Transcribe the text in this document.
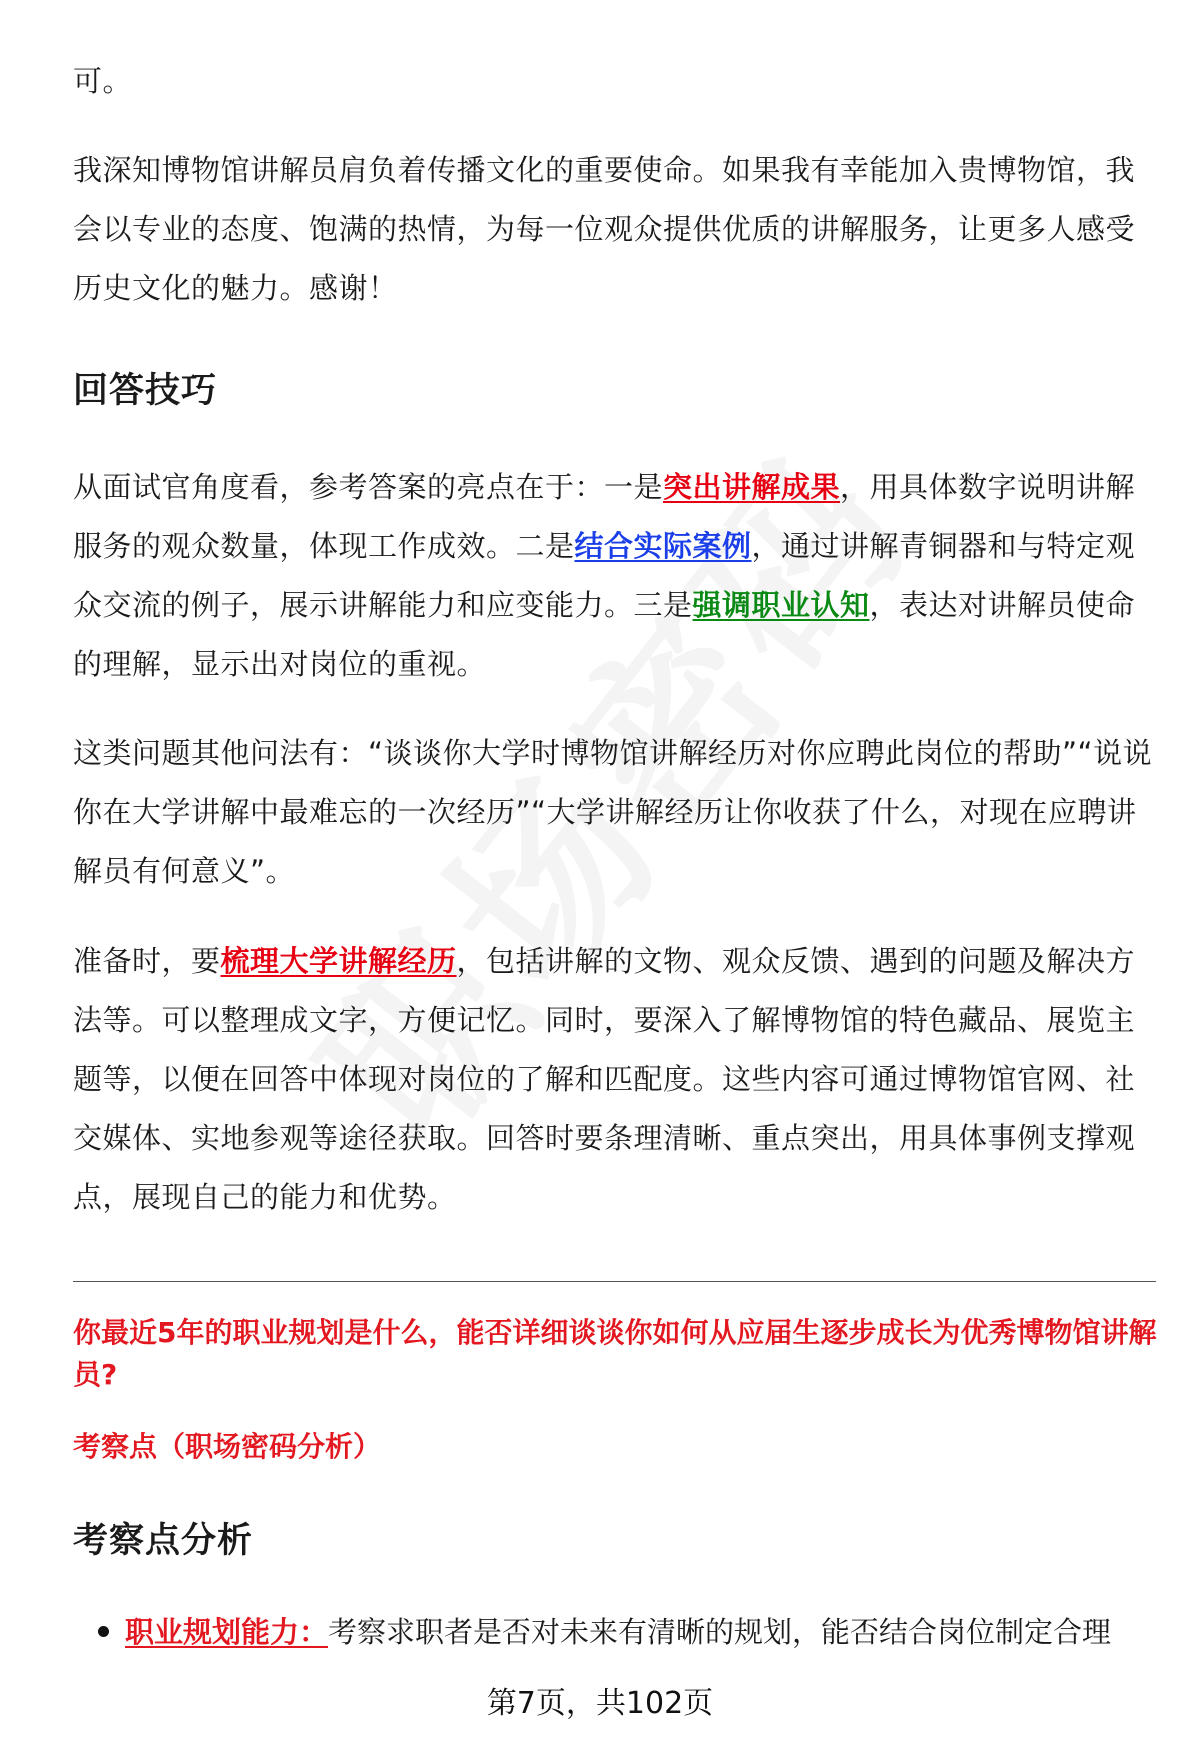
可。

我深知博物馆讲解员肩负着传播文化的重要使命。如果我有幸能加入贵博物馆，我会以专业的态度、饱满的热情，为每一位观众提供优质的讲解服务，让更多人感受历史文化的魅力。感谢！

回答技巧

从面试官角度看，参考答案的亮点在于：一是突出讲解成果，用具体数字说明讲解服务的观众数量，体现工作成效。二是结合实际案例，通过讲解青铜器和与特定观众交流的例子，展示讲解能力和应变能力。三是强调职业认知，表达对讲解员使命的理解，显示出对岗位的重视。

这类问题其他问法有：“谈谈你大学时博物馆讲解经历对你应聘此岗位的帮助”“说说你在大学讲解中最难忘的一次经历”“大学讲解经历让你收获了什么，对现在应聘讲解员有何意义”。

准备时，要梳理大学讲解经历，包括讲解的文物、观众反馈、遇到的问题及解决方法等。可以整理成文字，方便记忆。同时，要深入了解博物馆的特色藏品、展览主题等，以便在回答中体现对岗位的了解和匹配度。这些内容可通过博物馆官网、社交媒体、实地参观等途径获取。回答时要条理清晰、重点突出，用具体事例支撑观点，展现自己的能力和优势。

你最近5年的职业规划是什么，能否详细谈谈你如何从应届生逐步成长为优秀博物馆讲解员?

考察点（职场密码分析）

考察点分析
职业规划能力：考察求职者是否对未来有清晰的规划，能否结合岗位制定合理
第7页，共102页
